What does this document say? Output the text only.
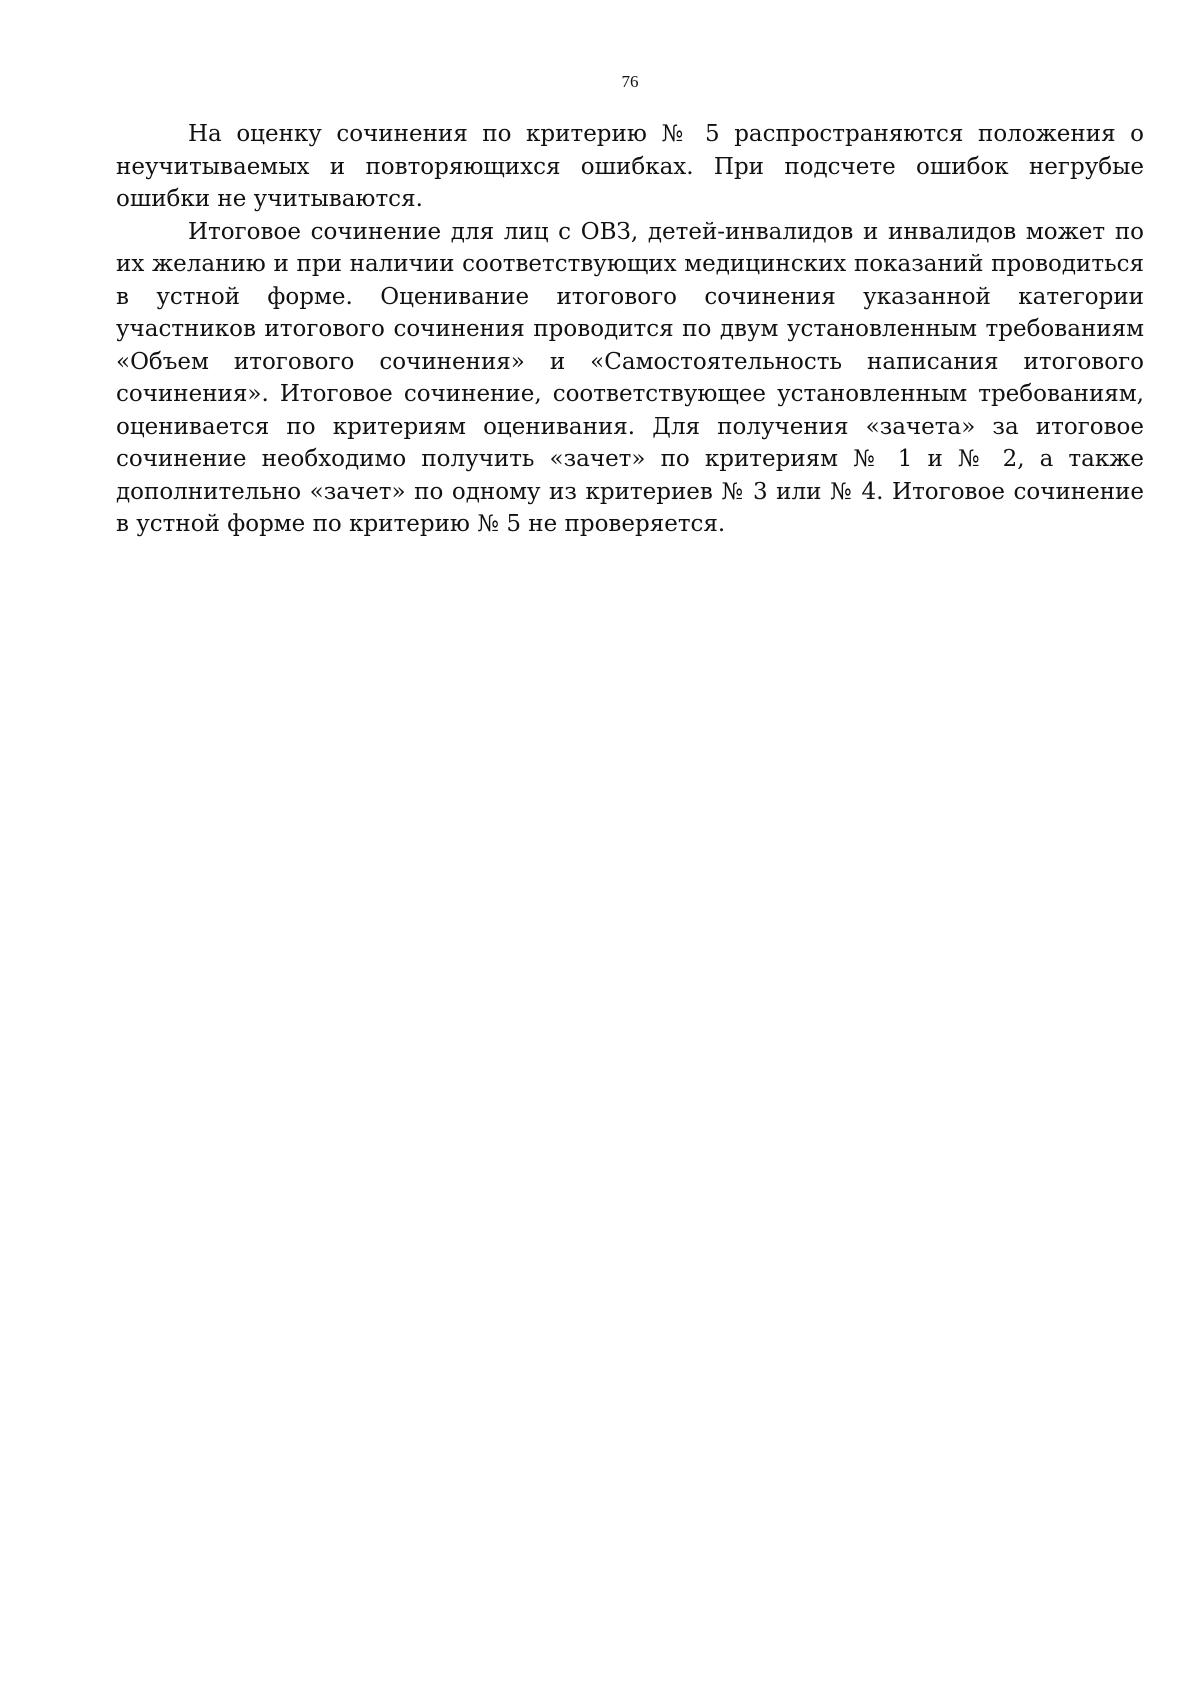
76

На оценку сочинения по критерию № 5 распространяются положения о неучитываемых и повторяющихся ошибках. При подсчете ошибок негрубые ошибки не учитываются.

Итоговое сочинение для лиц с ОВЗ, детей-инвалидов и инвалидов может по их желанию и при наличии соответствующих медицинских показаний проводиться в устной форме. Оценивание итогового сочинения указанной категории участников итогового сочинения проводится по двум установленным требованиям «Объем итогового сочинения» и «Самостоятельность написания итогового сочинения». Итоговое сочинение, соответствующее установленным требованиям, оценивается по критериям оценивания. Для получения «зачета» за итоговое сочинение необходимо получить «зачет» по критериям № 1 и № 2, а также дополнительно «зачет» по одному из критериев № 3 или № 4. Итоговое сочинение в устной форме по критерию № 5 не проверяется.
